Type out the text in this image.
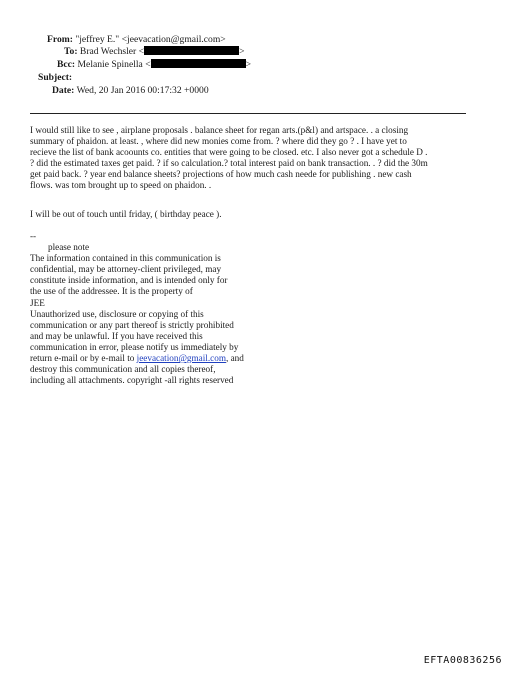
From: "jeffrey E." <jeevacation@gmail.com>
To: Brad Wechsler <	>
Bcc: Melanie Spinella <	>
Subject:
Date: Wed, 20 Jan 2016 00:17:32 +0000
I would still like to see , airplane proposals . balance sheet for regan arts.(p&l) and artspace. . a closing
summary of phaidon. at least. , where did new monies come from. ? where did they go ? . I have yet to
recieve the list of bank acoounts co. entities that were going to be closed. etc. I also never got a schedule D .
? did the estimated taxes get paid. ? if so calculation.? total interest paid on bank transaction. . ? did the 30m
get paid back. ? year end balance sheets? projections of how much cash neede for publishing . new cash
flows. was tom brought up to speed on phaidon. .
I will be out of touch until friday, ( birthday peace ).
--
please note
The information contained in this communication is
confidential, may be attorney-client privileged, may
constitute inside information, and is intended only for
the use of the addressee. It is the property of
JEE
Unauthorized use, disclosure or copying of this
communication or any part thereof is strictly prohibited
and may be unlawful. If you have received this
communication in error, please notify us immediately by
return e-mail or by e-mail to jeevacation@gmail.com, and
destroy this communication and all copies thereof,
including all attachments. copyright -all rights reserved
EFTA00836256
